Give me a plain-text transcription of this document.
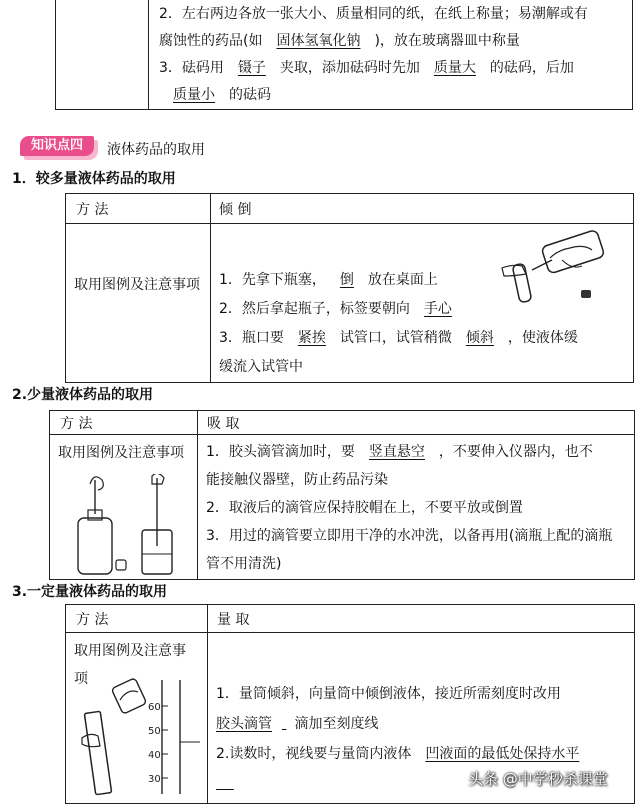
2．左右两边各放一张大小、质量相同的纸，在纸上称量；易潮解或有
腐蚀性的药品(如 固体氢氧化钠 )，放在玻璃器皿中称量
3．砝码用 镊子 夹取，添加砝码时先加 质量大 的砝码，后加
质量小 的砝码
知识点四	液体药品的取用
1．较多量液体药品的取用
方 法	倾 倒

取用图例及注意事项	1．先拿下瓶塞， 倒 放在桌面上
2．然后拿起瓶子，标签要朝向 手心
3．瓶口要 紧挨 试管口，试管稍微 倾斜 ，使液体缓
缓流入试管中
2.少量液体药品的取用
方 法	吸 取

取用图例及注意事项	1．胶头滴管滴加时，要 竖直悬空 ，不要伸入仪器内，也不
能接触仪器壁，防止药品污染
2．取液后的滴管应保持胶帽在上，不要平放或倒置
3．用过的滴管要立即用干净的水冲洗，以备再用(滴瓶上配的滴瓶
管不用清洗)
3.一定量液体药品的取用
方 法	量 取

取用图例及注意事项	1．量筒倾斜，向量筒中倾倒液体，接近所需刻度时改用
胶头滴管 滴加至刻度线
2.读数时，视线要与量筒内液体 凹液面的最低处保持水平

60
50
40
30	头条 @中学秒杀课堂
